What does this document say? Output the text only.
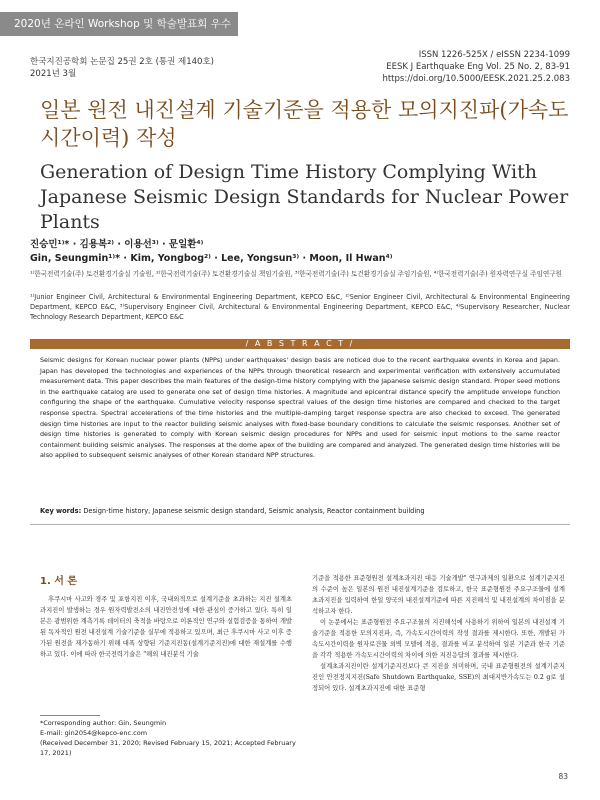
2020년 온라인 Workshop 및 학술발표회 우수 논문
한국지진공학회 논문집 25권 2호 (통권 제140호)
2021년 3월
ISSN 1226-525X / eISSN 2234-1099
EESK J Earthquake Eng Vol. 25 No. 2, 83-91
https://doi.org/10.5000/EESK.2021.25.2.083
일본 원전 내진설계 기술기준을 적용한 모의지진파(가속도시간이력) 작성
Generation of Design Time History Complying With Japanese Seismic Design Standards for Nuclear Power Plants
진승민¹⁾* · 김용복²⁾ · 이용선³⁾ · 문일환⁴⁾
Gin, Seungmin¹⁾* · Kim, Yongbog²⁾ · Lee, Yongsun³⁾ · Moon, Il Hwan⁴⁾
¹⁾한국전력기술(주) 토건환경기술실 기술원, ²⁾한국전력기술(주) 토건환경기술실 책임기술원, ³⁾한국전력기술(주) 토건환경기술실 주임기술원, ⁴⁾한국전력기술(주) 원자력연구실 주임연구원
¹⁾Junior Engineer Civil, Architectural & Environmental Engineering Department, KEPCO E&C, ²⁾Senior Engineer Civil, Architectural & Environmental Engineering Department, KEPCO E&C, ³⁾Supervisory Engineer Civil, Architectural & Environmental Engineering Department, KEPCO E&C, ⁴⁾Supervisory Researcher, Nuclear Technology Research Department, KEPCO E&C
/ A B S T R A C T /
Seismic designs for Korean nuclear power plants (NPPs) under earthquakes' design basis are noticed due to the recent earthquake events in Korea and Japan. Japan has developed the technologies and experiences of the NPPs through theoretical research and experimental verification with extensively accumulated measurement data. This paper describes the main features of the design-time history complying with the Japanese seismic design standard. Proper seed motions in the earthquake catalog are used to generate one set of design time histories. A magnitude and epicentral distance specify the amplitude envelope function configuring the shape of the earthquake. Cumulative velocity response spectral values of the design time histories are compared and checked to the target response spectra. Spectral accelerations of the time histories and the multiple-damping target response spectra are also checked to exceed. The generated design time histories are input to the reactor building seismic analyses with fixed-base boundary conditions to calculate the seismic responses. Another set of design time histories is generated to comply with Korean seismic design procedures for NPPs and used for seismic input motions to the same reactor containment building seismic analyses. The responses at the dome apex of the building are compared and analyzed. The generated design time histories will be also applied to subsequent seismic analyses of other Korean standard NPP structures.
Key words: Design-time history, Japanese seismic design standard, Seismic analysis, Reactor containment building
1. 서 론

후쿠시마 사고와 경주 및 포항지진 이후, 국내외적으로 설계기준을 초과하는 지진 설계초과지진이 발생하는 경우 원자력발전소의 내진안전성에 대한 관심이 증가하고 있다. 특히 일본은 광범위한 계측기록 데이터의 축적을 바탕으로 이론적인 연구와 실험검증을 통하여 개발된 독자적인 원전 내진설계 기술기준을 실무에 적용하고 있으며, 최근 후쿠시마 사고 이후 증가된 원전을 재가동하기 위해 대폭 상향된 기준지진동(설계기준지진)에 대한 재설계를 수행하고 있다. 이에 따라 한국전력기술은 "해외 내진분석 기술

기준을 적용한 표준형원전 설계초과지진 대응 기술개발" 연구과제의 일환으로 설계기준지진의 수준이 높은 일본의 원전 내진설계기준을 검토하고, 한국 표준형원전 주요구조물에 설계초과지진을 입력하여 한일 양국의 내진설계기준에 따른 지진해석 및 내진설계의 차이점을 분석하고자 한다.

이 논문에서는 표준형원전 주요구조물의 지진해석에 사용하기 위하여 일본의 내진설계 기술기준을 적용한 모의지진파, 즉, 가속도시간이력의 작성 결과를 제시한다. 또한, 개발된 가속도시간이력을 원자로건물 외벽 모델에 적용, 결과를 비교 분석하여 일본 기준과 한국 기준을 각각 적용한 가속도시간이력의 차이에 의한 지진응답의 결과를 제시한다.

설계초과지진이란 설계기준지진보다 큰 지진을 의미하며, 국내 표준형원전의 설계기준지진인 안전정지지진(Safe Shutdown Earthquake, SSE)의 최대지반가속도는 0.2 g로 설정되어 있다. 설계초과지진에 대한 표준형

*Corresponding author: Gin, Seungmin
E-mail: gin2054@kepco-enc.com
(Received December 31, 2020; Revised February 15, 2021; Accepted February 17, 2021)
83
